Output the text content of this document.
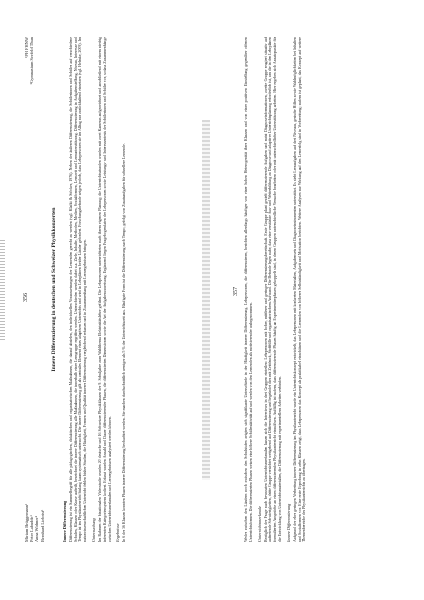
Miriam Brüggemann¹ Peter Labudde¹ Anna Widmer² Bernhard Liebrist¹
356
¹PH FHNW ²Gymnasium Seefeld Thun
Innere Differenzierung in deutschen und Schweizer Physikkonzerten
Innere Differenzierung Differenzierung ist ein Sammelbegriff für alle pädagogischen, didaktischen und organisatorischen Maßnahmen, die darauf abzielen, den individuellen Voraussetzungen der Lernenden gerecht zu werden (vgl. Klafki & Stöcker, 1976). Neben der äußeren Differenzierung, die Schülerinnen und Schüler auf verschiedene Schulen, Klassen oder Kurse aufteilt, bezeichnet die innere Differenzierung alle Maßnahmen, die innerhalb einer Lerngruppe ergriffen werden. Unterschieden werden dabei u.a. Ziele, Inhalte, Methoden, Medien, Sozialformen, Lernzeit und Lernunterstützung. Differenzierung in Aufgabenstellung, Niveau, Interesse und Tempo ist im Physikunterricht bislang kaum systematisch untersucht. Die innere Differenzierung gilt als zentrales Element eines adaptiven Unterrichts und wird in Lehrplänen beider Länder gefordert. Forschungsbefunde zeigen jedoch, dass Lehrpersonen sie im Alltag nur zurückhaltend einsetzen (vgl. Helmke, 2009). Im naturwissenschaftlichen Unterricht fehlen bisher Studien, die Häufigkeit, Formen und Qualität innerer Differenzierung vergleichend erfassen und in Zusammenhang mit Lernergebnissen bringen. Untersuchung Im Rahmen der binationalen Videostudie wurden 20 deutsche und 16 Schweizer Physikklassen der 9. Schuljahre zum Wahlthema Elektrizitätslehre gefilmt. Die Lehrpersonen unterrichteten nach ihrem eigenen Planung; die Unterrichtsstunden wurden mit zwei Kameras aufgezeichnet und anschließend mit einem niedrig inferenten Kategoriensystem kodiert. Erfasst wurden Anzahl und Dauer differenzierender Phasen, die differenzierten Dimensionen sowie die Art der Aufgabenzuweisung. Ergänzend liegen Fragebogendaten der Lehrpersonen sowie Leistungs- und Interessentests der Schülerinnen und Schüler vor, sodass Zusammenhänge zwischen Unterrichtsmerkmalen und Lernergebnissen analysiert werden können. Ergebnisse In 6 der 36 Klassen konnten Phasen innerer Differenzierung beobachtet werden. Sie machen durchschnittlich weniger als 5 % der Unterrichtszeit aus. Häufigste Form ist die Differenzierung nach Tempo, gefolgt von Zusatzaufgaben für schnellere Lernende.	357 Weder zwischen den Ländern noch zwischen den Schulstufen zeigten sich signifikante Unterschiede in der Häufigkeit innerer Differenzierung. Lehrpersonen, die differenzieren, berichten allerdings häufiger von einer hohen Heterogenität ihrer Klassen und von einer positiven Einstellung gegenüber offenen Unterrichtsformen. Die differenzierten Phasen weisen eine höhere Schüleraktivität auf und werden von den Lernenden als motivierender wahrgenommen. Unterrichtsmerkmale Bezüglich der Frage nach bewussten Unterrichtsmerkmalen lassen sich die Interviews in drei Gruppen einteilen: Lehrpersonen mit hoher, mittlerer und geringer Differenzierungsbereitschaft. Erste Gruppe plant gezielt differenzierende Aufgaben und nutzt Diagnoseinformationen, zweite Gruppe reagiert situativ auf auftretende Schwierigkeiten, dritte Gruppe verzichtet weitgehend auf Differenzierung und begründet dies mit Zeitdruck, Stofffülle und organisatorischem Aufwand. Die Befunde legen nahe, dass eine verstärkte Aus- und Weiterbildung zu Diagnose und adaptiver Unterrichtsplanung erforderlich ist, um die in den Lehrplänen formulierten Ansprüche an einen differenzierenden Physikunterricht einzulösen. Auffällig ist zudem, dass differenzierende Phasen häufig an Experimentierphasen gekoppelt sind, in denen Gruppen unterschiedliche Versuche bearbeiten oder mit unterschiedlicher Unterstützung arbeiten. Hier ergeben sich Ansatzpunkte für die Entwicklung von Unterrichtsmaterialien, die Differenzierung mit experimentellem Arbeiten verbinden. Innere Differenzierung Aufgrund der eher geringen Verbreitung innerer Differenzierung im Physikunterricht wurde ein Unterrichtskonzept entwickelt, das Lehrpersonen mit konkreten Materialien, Aufgabensets und Diagnoseinstrumenten unterstützt. Es sieht Lernaufgaben auf drei Niveaus, gestufte Hilfen sowie Wahlmöglichkeiten bei Inhalten und Sozialformen vor. Eine erste Erprobung in zehn Klassen zeigt, dass Lehrpersonen das Konzept als praktikabel einschätzen und die Lernenden von höherer Selbstständigkeit und Motivation berichten. Weitere Analysen zur Wirkung auf den Lernerfolg sind in Vorbereitung; zudem ist geplant, das Konzept auf weitere Themenbereiche des Physikunterrichts zu übertragen.
